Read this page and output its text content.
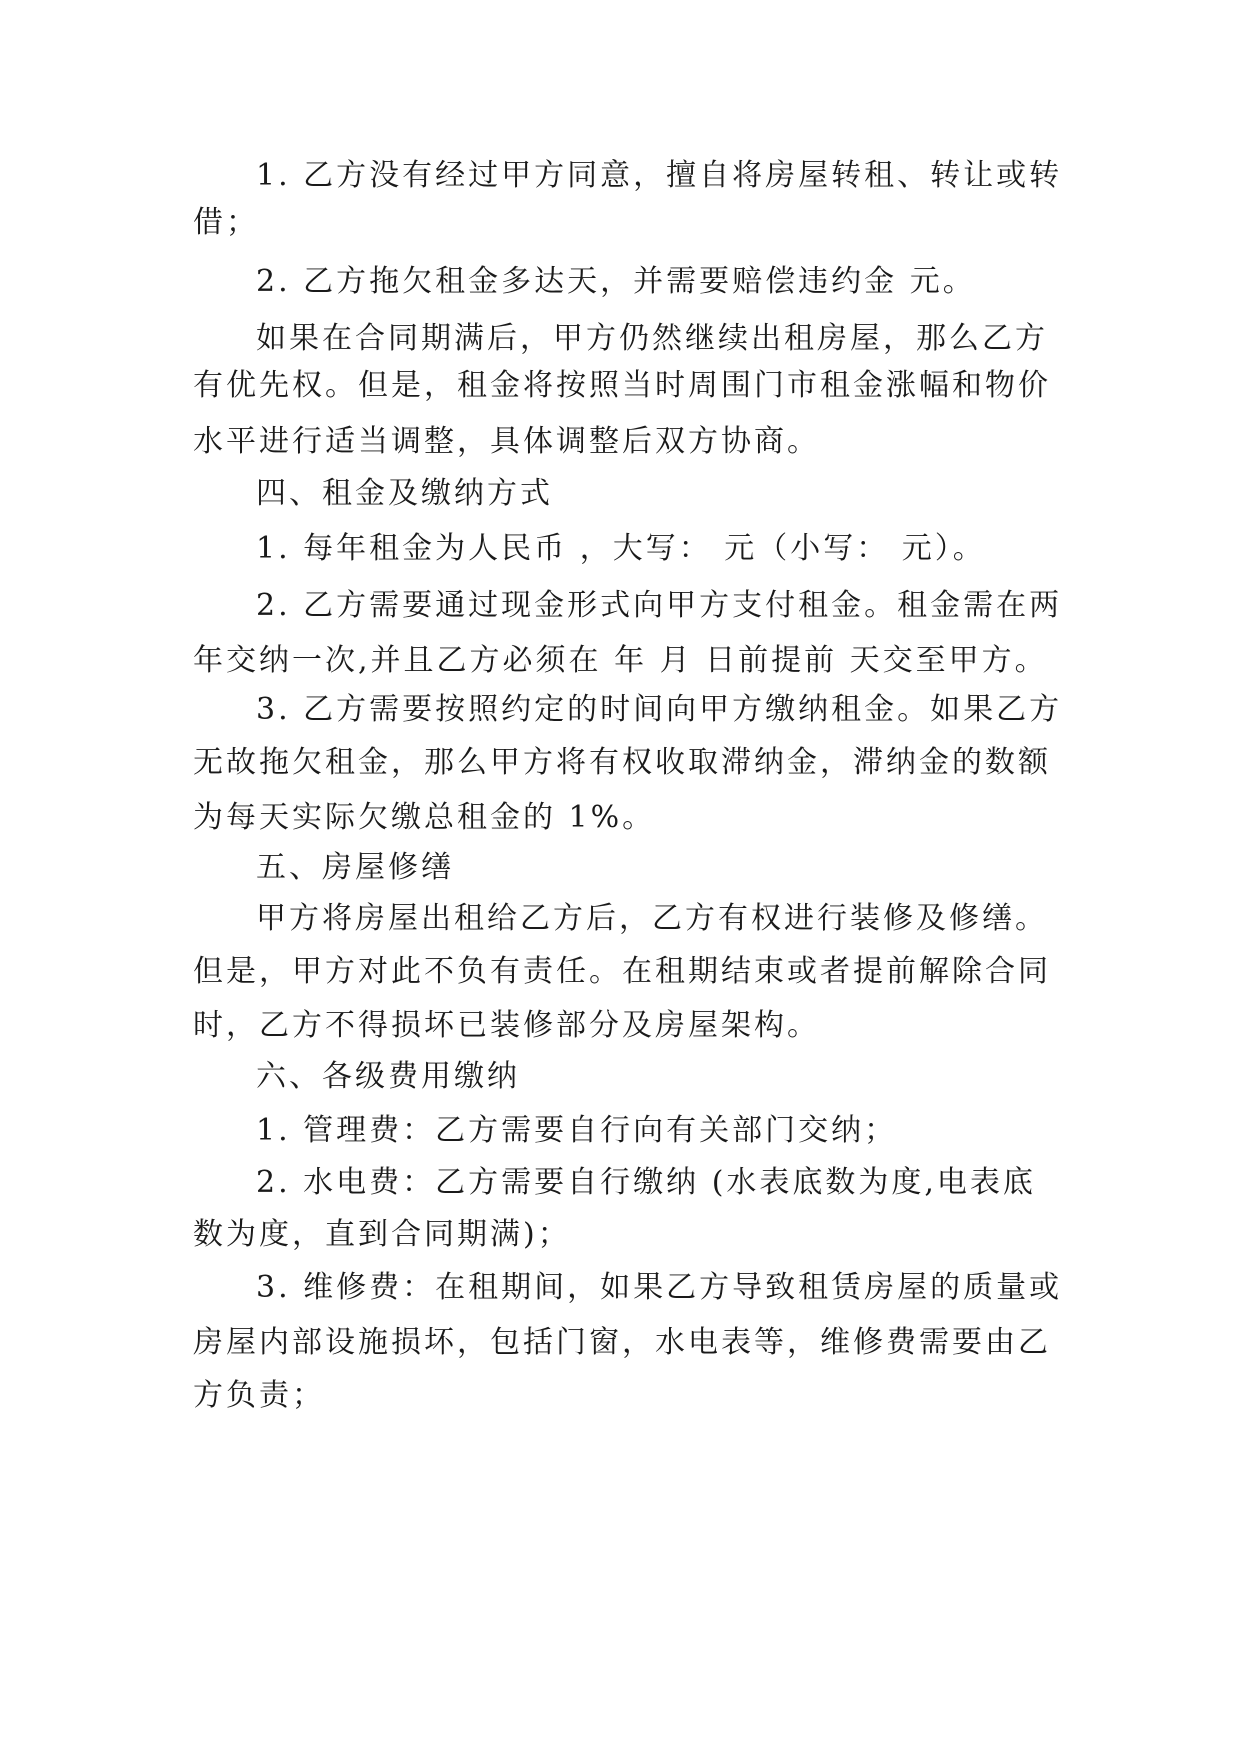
1. 乙方没有经过甲方同意，擅自将房屋转租、转让或转
借；
2. 乙方拖欠租金多达天，并需要赔偿违约金 元。
如果在合同期满后，甲方仍然继续出租房屋，那么乙方
有优先权。但是，租金将按照当时周围门市租金涨幅和物价
水平进行适当调整，具体调整后双方协商。
四、租金及缴纳方式
1. 每年租金为人民币 ，大写： 元（小写： 元）。
2. 乙方需要通过现金形式向甲方支付租金。租金需在两
年交纳一次,并且乙方必须在 年 月 日前提前 天交至甲方。
3. 乙方需要按照约定的时间向甲方缴纳租金。如果乙方
无故拖欠租金，那么甲方将有权收取滞纳金，滞纳金的数额
为每天实际欠缴总租金的 1%。
五、房屋修缮
甲方将房屋出租给乙方后，乙方有权进行装修及修缮。
但是，甲方对此不负有责任。在租期结束或者提前解除合同
时，乙方不得损坏已装修部分及房屋架构。
六、各级费用缴纳
1. 管理费：乙方需要自行向有关部门交纳；
2. 水电费：乙方需要自行缴纳 (水表底数为度,电表底
数为度，直到合同期满)；
3. 维修费：在租期间，如果乙方导致租赁房屋的质量或
房屋内部设施损坏，包括门窗，水电表等，维修费需要由乙
方负责；
